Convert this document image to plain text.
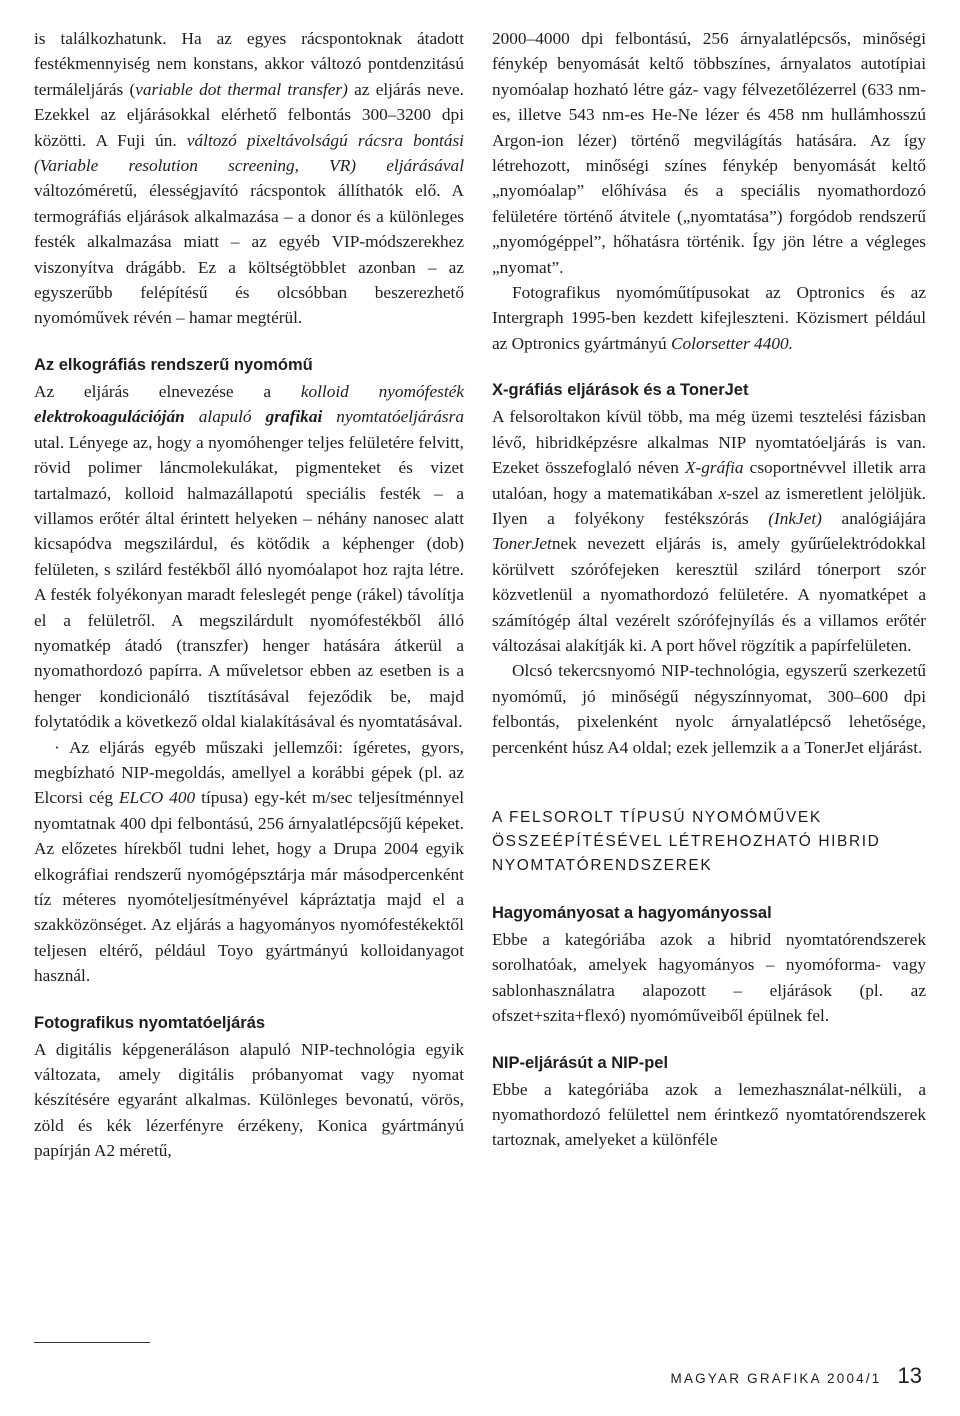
is találkozhatunk. Ha az egyes rácspontoknak átadott festékmennyiség nem konstans, akkor változó pontdenzitású termáleljárás (variable dot thermal transfer) az eljárás neve. Ezekkel az eljárásokkal elérhető felbontás 300–3200 dpi közötti. A Fuji ún. változó pixeltávolságú rácsra bontási (Variable resolution screening, VR) eljárásával változóméretű, élességjavító rácspontok állíthatók elő. A termográfiás eljárások alkalmazása – a donor és a különleges festék alkalmazása miatt – az egyéb VIP-módszerekhez viszonyítva drágább. Ez a költségtöbblet azonban – az egyszerűbb felépítésű és olcsóbban beszerezhető nyomóművek révén – hamar megtérül.

Az elkográfiás rendszerű nyomómű

Az eljárás elnevezése a kolloid nyomófesték elektrokoagulációján alapuló grafikai nyomtatóeljárásra utal. Lényege az, hogy a nyomóhenger teljes felületére felvitt, rövid polimer láncmolekulákat, pigmenteket és vizet tartalmazó, kolloid halmazállapotú speciális festék – a villamos erőtér által érintett helyeken – néhány nanosec alatt kicsapódva megszilárdul, és kötődik a képhenger (dob) felületen, s szilárd festékből álló nyomóalapot hoz rajta létre. A festék folyékonyan maradt feleslegét penge (rákel) távolítja el a felületről. A megszilárdult nyomófestékből álló nyomatkép átadó (transzfer) henger hatására átkerül a nyomathordozó papírra. A műveletsor ebben az esetben is a henger kondicionáló tisztításával fejeződik be, majd folytatódik a következő oldal kialakításával és nyomtatásával.

· Az eljárás egyéb műszaki jellemzői: ígéretes, gyors, megbízható NIP-megoldás, amellyel a korábbi gépek (pl. az Elcorsi cég ELCO 400 típusa) egy-két m/sec teljesítménnyel nyomtatnak 400 dpi felbontású, 256 árnyalatlépcsőjű képeket. Az előzetes hírekből tudni lehet, hogy a Drupa 2004 egyik elkográfiai rendszerű nyomógépsztárja már másodpercenként tíz méteres nyomóteljesítményével kápráztatja majd el a szakközönséget. Az eljárás a hagyományos nyomófestékektől teljesen eltérő, például Toyo gyártmányú kolloidanyagot használ.

Fotografikus nyomtatóeljárás

A digitális képgeneráláson alapuló NIP-technológia egyik változata, amely digitális próbanyomat vagy nyomat készítésére egyaránt alkalmas. Különleges bevonatú, vörös, zöld és kék lézerfényre érzékeny, Konica gyártmányú papírján A2 méretű,

2000–4000 dpi felbontású, 256 árnyalatlépcsős, minőségi fénykép benyomását keltő többszínes, árnyalatos autotípiai nyomóalap hozható létre gáz- vagy félvezetőlézerrel (633 nm-es, illetve 543 nm-es He-Ne lézer és 458 nm hullámhosszú Argon-ion lézer) történő megvilágítás hatására. Az így létrehozott, minőségi színes fénykép benyomását keltő „nyomóalap” előhívása és a speciális nyomathordozó felületére történő átvitele („nyomtatása”) forgódob rendszerű „nyomógéppel”, hőhatásra történik. Így jön létre a végleges „nyomat”.

Fotografikus nyomóműtípusokat az Optronics és az Intergraph 1995-ben kezdett kifejleszteni. Közismert például az Optronics gyártmányú Colorsetter 4400.

X-gráfiás eljárások és a TonerJet

A felsoroltakon kívül több, ma még üzemi tesztelési fázisban lévő, hibridképzésre alkalmas NIP nyomtatóeljárás is van. Ezeket összefoglaló néven X-gráfia csoportnévvel illetik arra utalóan, hogy a matematikában x-szel az ismeretlent jelöljük. Ilyen a folyékony festékszórás (InkJet) analógiájára TonerJetnek nevezett eljárás is, amely gyűrűelektródokkal körülvett szórófejeken keresztül szilárd tónerport szór közvetlenül a nyomathordozó felületére. A nyomatképet a számítógép által vezérelt szórófejnyílás és a villamos erőtér változásai alakítják ki. A port hővel rögzítik a papírfelületen.

Olcsó tekercsnyomó NIP-technológia, egyszerű szerkezetű nyomómű, jó minőségű négyszínnyomat, 300–600 dpi felbontás, pixelenként nyolc árnyalatlépcső lehetősége, percenként húsz A4 oldal; ezek jellemzik a a TonerJet eljárást.

A FELSOROLT TÍPUSÚ NYOMÓMŰVEK ÖSSZEÉPÍTÉSÉVEL LÉTREHOZHATÓ HIBRID NYOMTATÓRENDSZEREK
Hagyományosat a hagyományossal

Ebbe a kategóriába azok a hibrid nyomtatórendszerek sorolhatóak, amelyek hagyományos – nyomóforma- vagy sablonhasználatra alapozott – eljárások (pl. az ofszet+szita+flexó) nyomóműveiből épülnek fel.

NIP-eljárásút a NIP-pel

Ebbe a kategóriába azok a lemezhasználat-nélküli, a nyomathordozó felülettel nem érintkező nyomtatórendszerek tartoznak, amelyeket a különféle

MAGYAR GRAFIKA 2004/1 13
